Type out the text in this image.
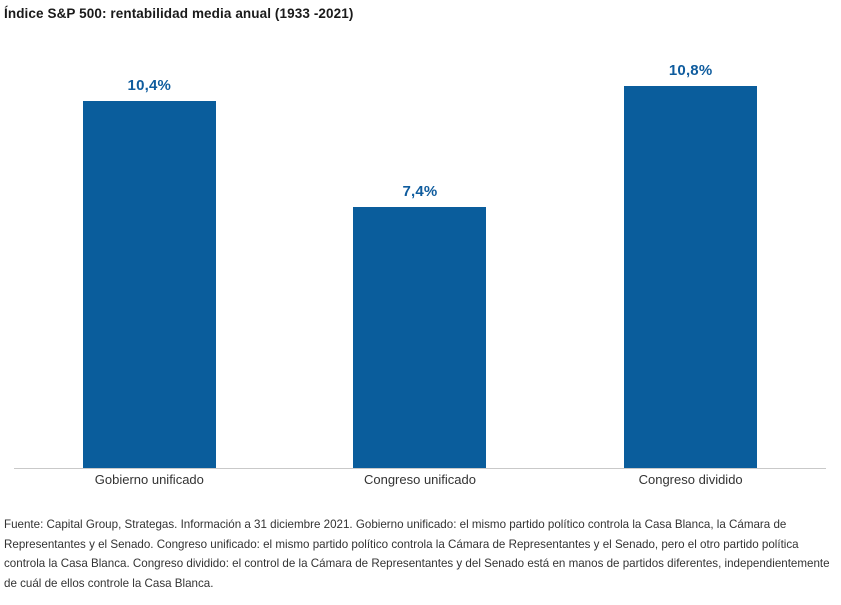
Índice S&P 500: rentabilidad media anual (1933 -2021)
10,4%
7,4%
10,8%
Gobierno unificado	Congreso unificado	Congreso dividido
Fuente: Capital Group, Strategas. Información a 31 diciembre 2021. Gobierno unificado: el mismo partido político controla la Casa Blanca, la Cámara de Representantes y el Senado. Congreso unificado: el mismo partido político controla la Cámara de Representantes y el Senado, pero el otro partido política controla la Casa Blanca. Congreso dividido: el control de la Cámara de Representantes y del Senado está en manos de partidos diferentes, independientemente de cuál de ellos controle la Casa Blanca.
